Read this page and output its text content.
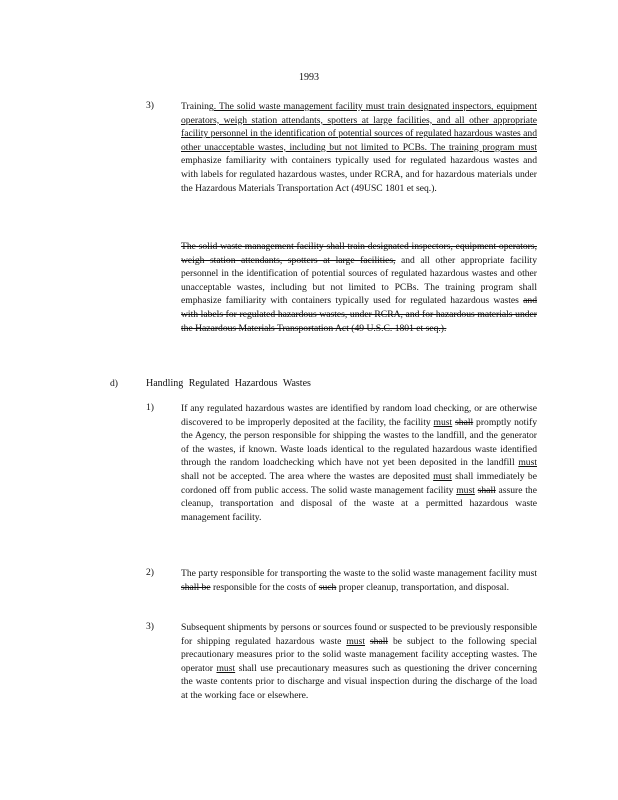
1993
3)	Training. The solid waste management facility must train designated inspectors, equipment operators, weigh station attendants, spotters at large facilities, and all other appropriate facility personnel in the identification of potential sources of regulated hazardous wastes and other unacceptable wastes, including but not limited to PCBs. The training program must emphasize familiarity with containers typically used for regulated hazardous wastes and with labels for regulated hazardous wastes, under RCRA, and for hazardous materials under the Hazardous Materials Transportation Act (49USC 1801 et seq.).
The solid waste management facility shall train designated inspectors, equipment operators, weigh station attendants, spotters at large facilities, and all other appropriate facility personnel in the identification of potential sources of regulated hazardous wastes and other unacceptable wastes, including but not limited to PCBs. The training program shall emphasize familiarity with containers typically used for regulated hazardous wastes and with labels for regulated hazardous wastes, under RCRA, and for hazardous materials under the Hazardous Materials Transportation Act (49 U.S.C. 1801 et seq.).
d)	Handling Regulated Hazardous Wastes
1)	If any regulated hazardous wastes are identified by random load checking, or are otherwise discovered to be improperly deposited at the facility, the facility must shall promptly notify the Agency, the person responsible for shipping the wastes to the landfill, and the generator of the wastes, if known. Waste loads identical to the regulated hazardous waste identified through the random loadchecking which have not yet been deposited in the landfill must shall not be accepted. The area where the wastes are deposited must shall immediately be cordoned off from public access. The solid waste management facility must shall assure the cleanup, transportation and disposal of the waste at a permitted hazardous waste management facility.
2)	The party responsible for transporting the waste to the solid waste management facility must shall be responsible for the costs of such proper cleanup, transportation, and disposal.
3)	Subsequent shipments by persons or sources found or suspected to be previously responsible for shipping regulated hazardous waste must shall be subject to the following special precautionary measures prior to the solid waste management facility accepting wastes. The operator must shall use precautionary measures such as questioning the driver concerning the waste contents prior to discharge and visual inspection during the discharge of the load at the working face or elsewhere.
